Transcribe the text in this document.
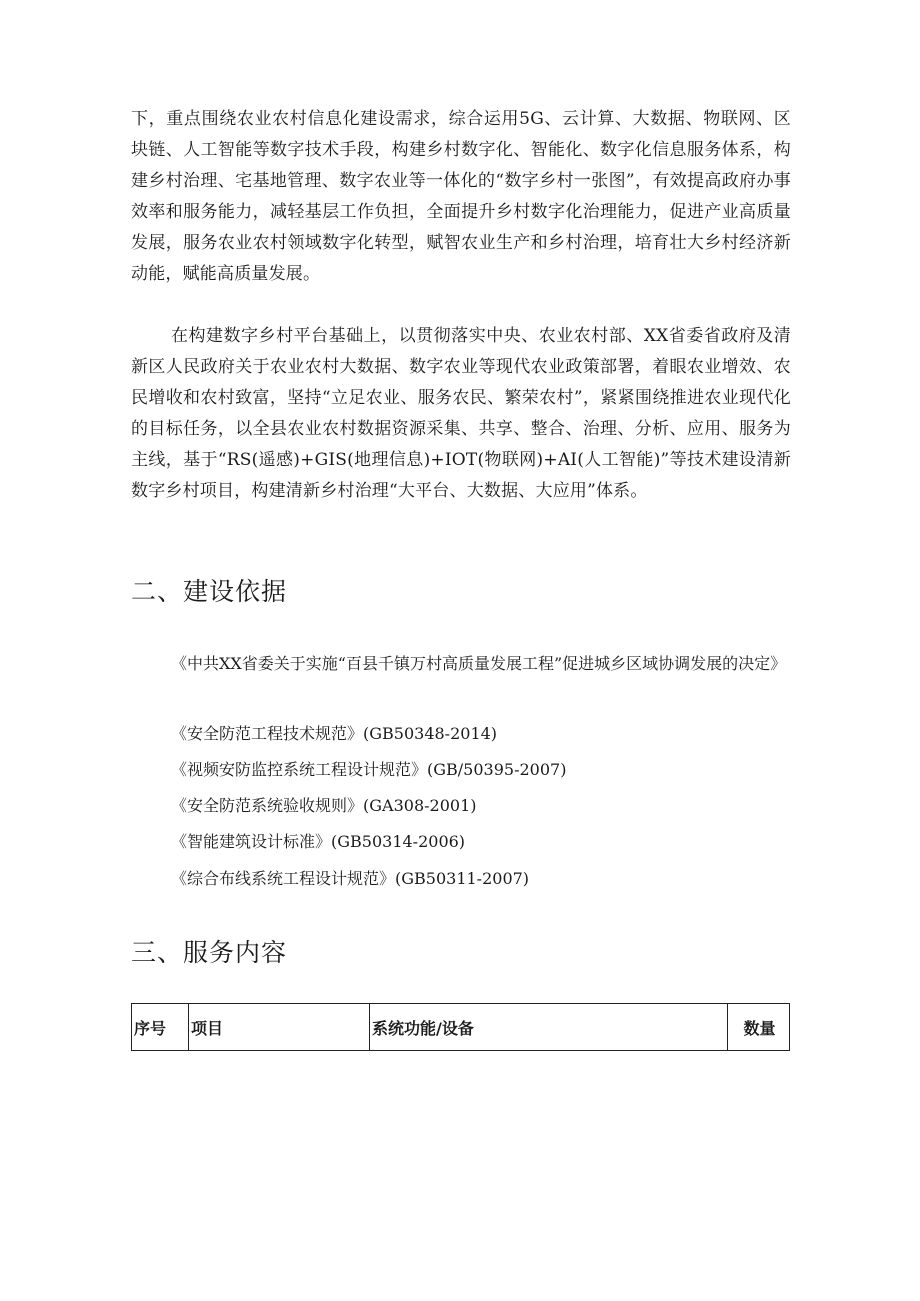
下，重点围绕农业农村信息化建设需求，综合运用5G、云计算、大数据、物联网、区块链、人工智能等数字技术手段，构建乡村数字化、智能化、数字化信息服务体系，构建乡村治理、宅基地管理、数字农业等一体化的“数字乡村一张图”，有效提高政府办事效率和服务能力，减轻基层工作负担，全面提升乡村数字化治理能力，促进产业高质量发展，服务农业农村领域数字化转型，赋智农业生产和乡村治理，培育壮大乡村经济新动能，赋能高质量发展。

在构建数字乡村平台基础上，以贯彻落实中央、农业农村部、XX省委省政府及清新区人民政府关于农业农村大数据、数字农业等现代农业政策部署，着眼农业增效、农民增收和农村致富，坚持“立足农业、服务农民、繁荣农村”，紧紧围绕推进农业现代化的目标任务，以全县农业农村数据资源采集、共享、整合、治理、分析、应用、服务为主线，基于“RS(遥感)+GIS(地理信息)+IOT(物联网)+AI(人工智能)”等技术建设清新数字乡村项目，构建清新乡村治理“大平台、大数据、大应用”体系。

二、建设依据

《中共XX省委关于实施“百县千镇万村高质量发展工程”促进城乡区域协调发展的决定》

《安全防范工程技术规范》(GB50348-2014)

《视频安防监控系统工程设计规范》(GB/50395-2007)

《安全防范系统验收规则》(GA308-2001)

《智能建筑设计标准》(GB50314-2006)

《综合布线系统工程设计规范》(GB50311-2007)

三、服务内容
序号	项目	系统功能/设备	数量
